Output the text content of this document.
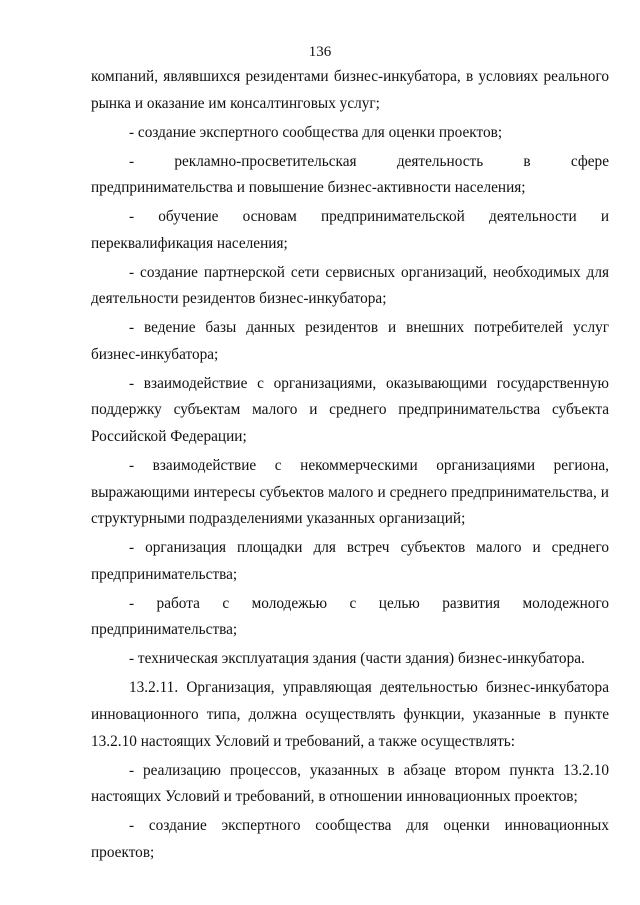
136

компаний, являвшихся резидентами бизнес-инкубатора, в условиях реального рынка и оказание им консалтинговых услуг;

- создание экспертного сообщества для оценки проектов;

- рекламно-просветительская деятельность в сфере предпринимательства и повышение бизнес-активности населения;

- обучение основам предпринимательской деятельности и переквалификация населения;

- создание партнерской сети сервисных организаций, необходимых для деятельности резидентов бизнес-инкубатора;

- ведение базы данных резидентов и внешних потребителей услуг бизнес-инкубатора;

- взаимодействие с организациями, оказывающими государственную поддержку субъектам малого и среднего предпринимательства субъекта Российской Федерации;

- взаимодействие с некоммерческими организациями региона, выражающими интересы субъектов малого и среднего предпринимательства, и структурными подразделениями указанных организаций;

- организация площадки для встреч субъектов малого и среднего предпринимательства;

- работа с молодежью с целью развития молодежного предпринимательства;

- техническая эксплуатация здания (части здания) бизнес-инкубатора.

13.2.11. Организация, управляющая деятельностью бизнес-инкубатора инновационного типа, должна осуществлять функции, указанные в пункте 13.2.10 настоящих Условий и требований, а также осуществлять:

- реализацию процессов, указанных в абзаце втором пункта 13.2.10 настоящих Условий и требований, в отношении инновационных проектов;

- создание экспертного сообщества для оценки инновационных проектов;
